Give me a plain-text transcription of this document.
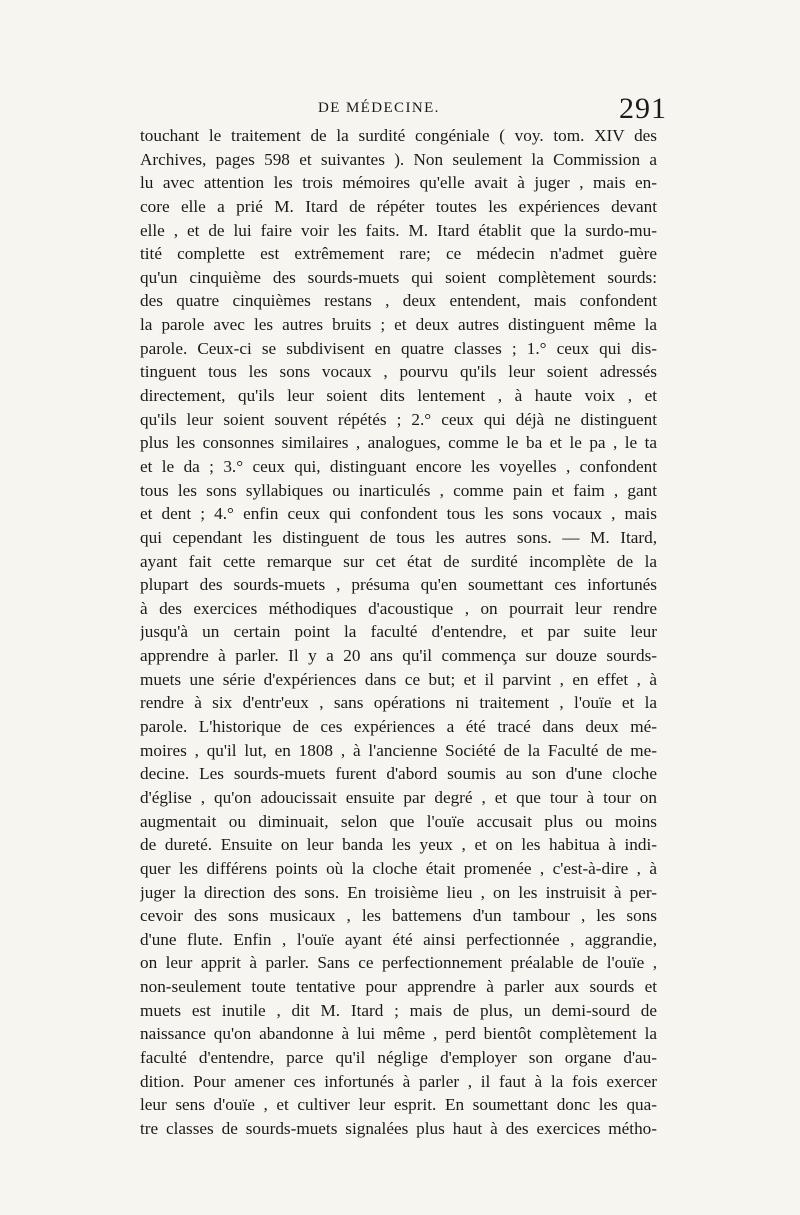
DE MÉDECINE.	291
touchant le traitement de la surdité congéniale ( voy. tom. XIV des
Archives, pages 598 et suivantes ). Non seulement la Commission a
lu avec attention les trois mémoires qu'elle avait à juger , mais en-
core elle a prié M. Itard de répéter toutes les expériences devant
elle , et de lui faire voir les faits. M. Itard établit que la surdo-mu-
tité complette est extrêmement rare; ce médecin n'admet guère
qu'un cinquième des sourds-muets qui soient complètement sourds:
des quatre cinquièmes restans , deux entendent, mais confondent
la parole avec les autres bruits ; et deux autres distinguent même la
parole. Ceux-ci se subdivisent en quatre classes ; 1.° ceux qui dis-
tinguent tous les sons vocaux , pourvu qu'ils leur soient adressés
directement, qu'ils leur soient dits lentement , à haute voix , et
qu'ils leur soient souvent répétés ; 2.° ceux qui déjà ne distinguent
plus les consonnes similaires , analogues, comme le ba et le pa , le ta
et le da ; 3.° ceux qui, distinguant encore les voyelles , confondent
tous les sons syllabiques ou inarticulés , comme pain et faim , gant
et dent ; 4.° enfin ceux qui confondent tous les sons vocaux , mais
qui cependant les distinguent de tous les autres sons. — M. Itard,
ayant fait cette remarque sur cet état de surdité incomplète de la
plupart des sourds-muets , présuma qu'en soumettant ces infortunés
à des exercices méthodiques d'acoustique , on pourrait leur rendre
jusqu'à un certain point la faculté d'entendre, et par suite leur
apprendre à parler. Il y a 20 ans qu'il commença sur douze sourds-
muets une série d'expériences dans ce but; et il parvint , en effet , à
rendre à six d'entr'eux , sans opérations ni traitement , l'ouïe et la
parole. L'historique de ces expériences a été tracé dans deux mé-
moires , qu'il lut, en 1808 , à l'ancienne Société de la Faculté de me-
decine. Les sourds-muets furent d'abord soumis au son d'une cloche
d'église , qu'on adoucissait ensuite par degré , et que tour à tour on
augmentait ou diminuait, selon que l'ouïe accusait plus ou moins
de dureté. Ensuite on leur banda les yeux , et on les habitua à indi-
quer les différens points où la cloche était promenée , c'est-à-dire , à
juger la direction des sons. En troisième lieu , on les instruisit à per-
cevoir des sons musicaux , les battemens d'un tambour , les sons
d'une flute. Enfin , l'ouïe ayant été ainsi perfectionnée , aggrandie,
on leur apprit à parler. Sans ce perfectionnement préalable de l'ouïe ,
non-seulement toute tentative pour apprendre à parler aux sourds et
muets est inutile , dit M. Itard ; mais de plus, un demi-sourd de
naissance qu'on abandonne à lui même , perd bientôt complètement la
faculté d'entendre, parce qu'il néglige d'employer son organe d'au-
dition. Pour amener ces infortunés à parler , il faut à la fois exercer
leur sens d'ouïe , et cultiver leur esprit. En soumettant donc les qua-
tre classes de sourds-muets signalées plus haut à des exercices métho-
